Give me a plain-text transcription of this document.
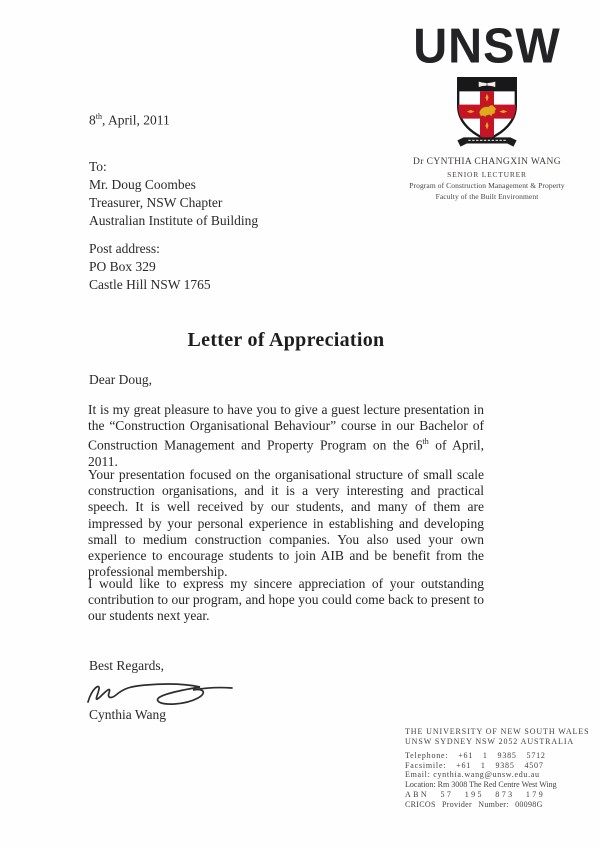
UNSW
Dr CYNTHIA CHANGXIN WANG
SENIOR LECTURER
Program of Construction Management & Property
Faculty of the Built Environment
8th, April, 2011
To:
Mr. Doug Coombes
Treasurer, NSW Chapter
Australian Institute of Building
Post address:
PO Box 329
Castle Hill NSW 1765
Letter of Appreciation
Dear Doug,
It is my great pleasure to have you to give a guest lecture presentation in the “Construction Organisational Behaviour” course in our Bachelor of Construction Management and Property Program on the 6th of April, 2011.
Your presentation focused on the organisational structure of small scale construction organisations, and it is a very interesting and practical speech. It is well received by our students, and many of them are impressed by your personal experience in establishing and developing small to medium construction companies. You also used your own experience to encourage students to join AIB and be benefit from the professional membership.
I would like to express my sincere appreciation of your outstanding contribution to our program, and hope you could come back to present to our students next year.
Best Regards,
Cynthia Wang
THE UNIVERSITY OF NEW SOUTH WALES
UNSW SYDNEY NSW 2052 AUSTRALIA
Telephone: +61 1 9385 5712
Facsimile: +61 1 9385 4507
Email: cynthia.wang@unsw.edu.au
Location: Rm 3008 The Red Centre West Wing
ABN 57 195 873 179
CRICOS Provider Number: 00098G
